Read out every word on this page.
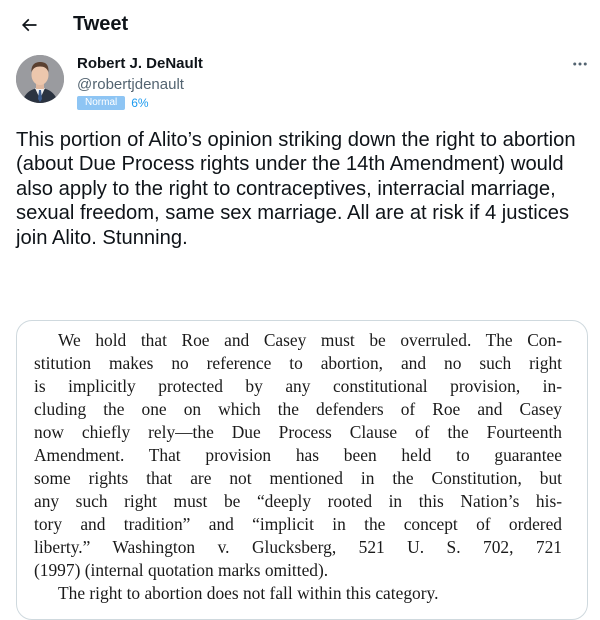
Tweet
Robert J. DeNault
@robertjdenault
Normal	6%

This portion of Alito’s opinion striking down the right to abortion (about Due Process rights under the 14th Amendment) would also apply to the right to contraceptives, interracial marriage, sexual freedom, same sex marriage. All are at risk if 4 justices join Alito. Stunning.

We hold that Roe and Casey must be overruled. The Con-
stitution makes no reference to abortion, and no such right
is implicitly protected by any constitutional provision, in-
cluding the one on which the defenders of Roe and Casey
now chiefly rely—the Due Process Clause of the Fourteenth
Amendment. That provision has been held to guarantee
some rights that are not mentioned in the Constitution, but
any such right must be “deeply rooted in this Nation’s his-
tory and tradition” and “implicit in the concept of ordered
liberty.” Washington v. Glucksberg, 521 U. S. 702, 721
(1997) (internal quotation marks omitted).
The right to abortion does not fall within this category.
